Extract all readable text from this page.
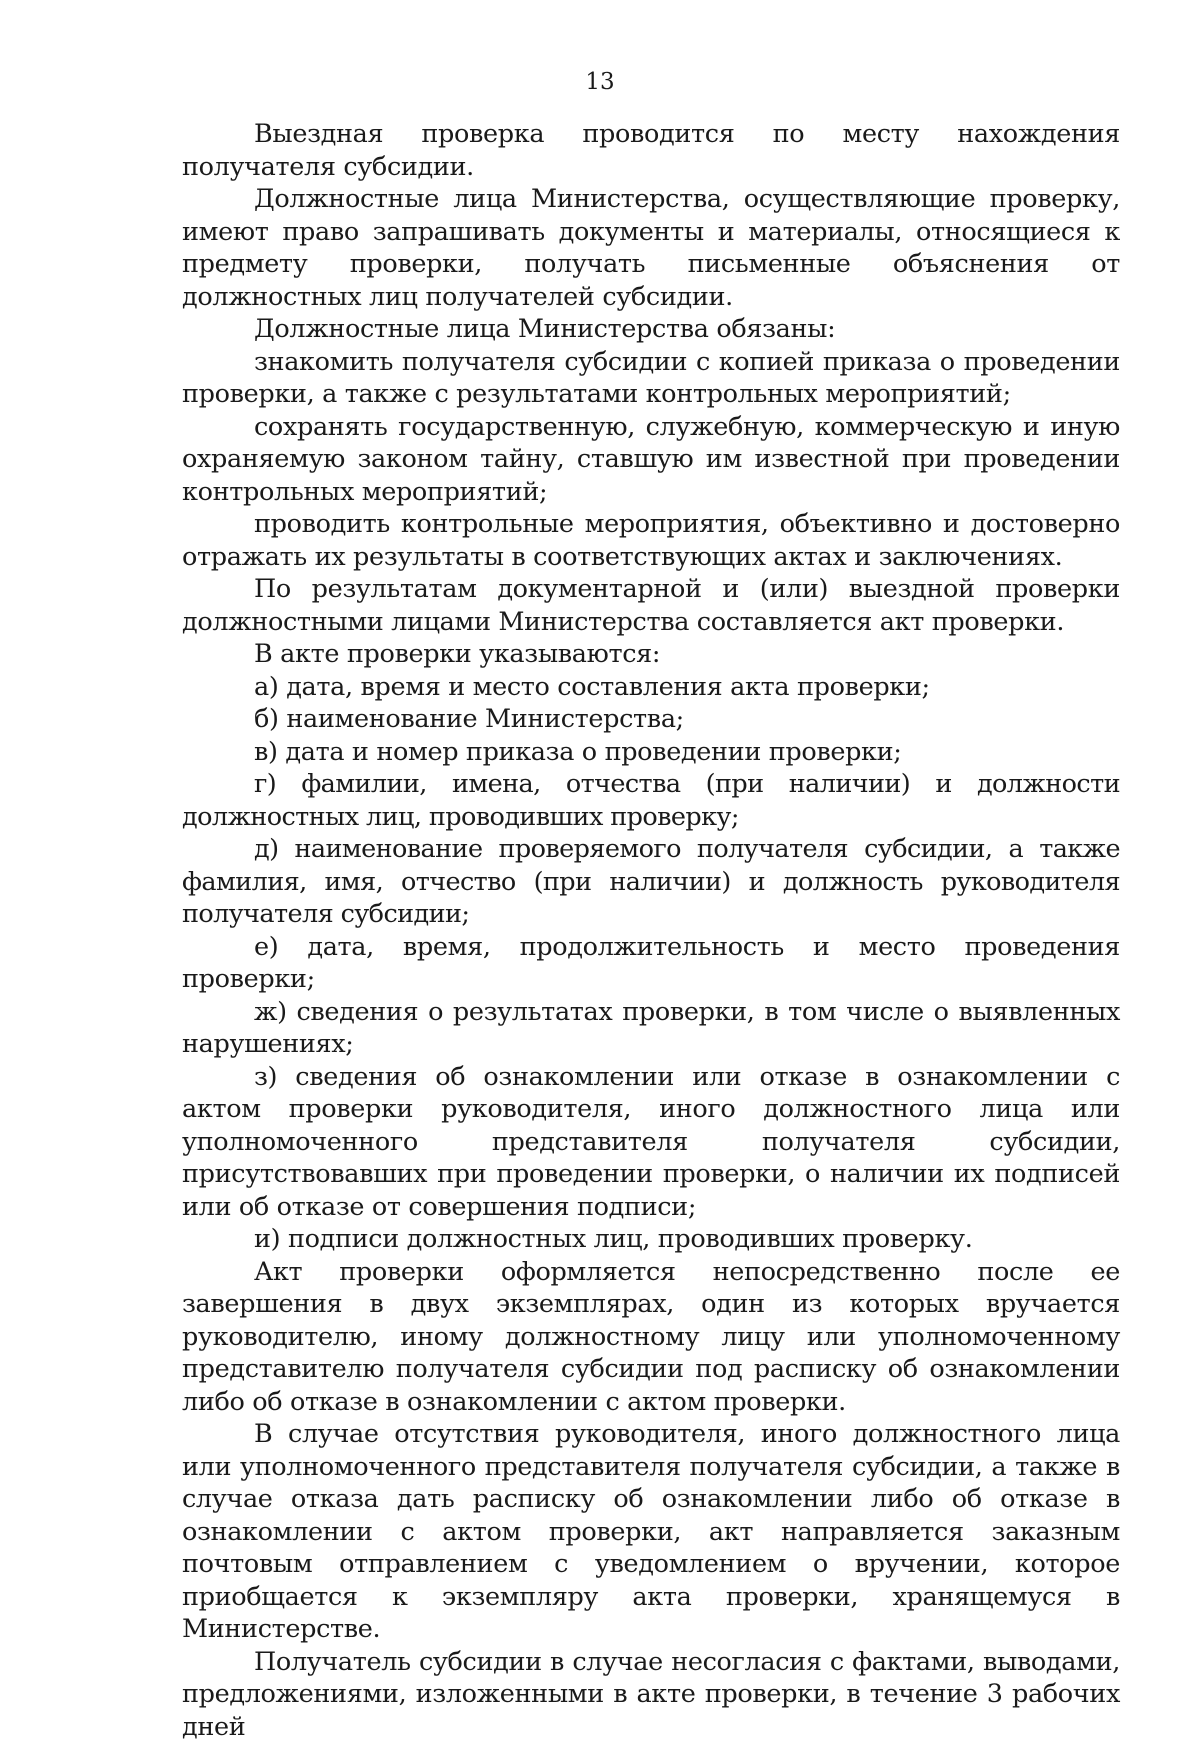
13

Выездная проверка проводится по месту нахождения получателя субсидии.

Должностные лица Министерства, осуществляющие проверку, имеют право запрашивать документы и материалы, относящиеся к предмету проверки, получать письменные объяснения от должностных лиц получателей субсидии.

Должностные лица Министерства обязаны:

знакомить получателя субсидии с копией приказа о проведении проверки, а также с результатами контрольных мероприятий;

сохранять государственную, служебную, коммерческую и иную охраняемую законом тайну, ставшую им известной при проведении контрольных мероприятий;

проводить контрольные мероприятия, объективно и достоверно отражать их результаты в соответствующих актах и заключениях.

По результатам документарной и (или) выездной проверки должностными лицами Министерства составляется акт проверки.

В акте проверки указываются:

а) дата, время и место составления акта проверки;

б) наименование Министерства;

в) дата и номер приказа о проведении проверки;

г) фамилии, имена, отчества (при наличии) и должности должностных лиц, проводивших проверку;

д) наименование проверяемого получателя субсидии, а также фамилия, имя, отчество (при наличии) и должность руководителя получателя субсидии;

е) дата, время, продолжительность и место проведения проверки;

ж) сведения о результатах проверки, в том числе о выявленных нарушениях;

з) сведения об ознакомлении или отказе в ознакомлении с актом проверки руководителя, иного должностного лица или уполномоченного представителя получателя субсидии, присутствовавших при проведении проверки, о наличии их подписей или об отказе от совершения подписи;

и) подписи должностных лиц, проводивших проверку.

Акт проверки оформляется непосредственно после ее завершения в двух экземплярах, один из которых вручается руководителю, иному должностному лицу или уполномоченному представителю получателя субсидии под расписку об ознакомлении либо об отказе в ознакомлении с актом проверки.

В случае отсутствия руководителя, иного должностного лица или уполномоченного представителя получателя субсидии, а также в случае отказа дать расписку об ознакомлении либо об отказе в ознакомлении с актом проверки, акт направляется заказным почтовым отправлением с уведомлением о вручении, которое приобщается к экземпляру акта проверки, хранящемуся в Министерстве.

Получатель субсидии в случае несогласия с фактами, выводами, предложениями, изложенными в акте проверки, в течение 3 рабочих дней
